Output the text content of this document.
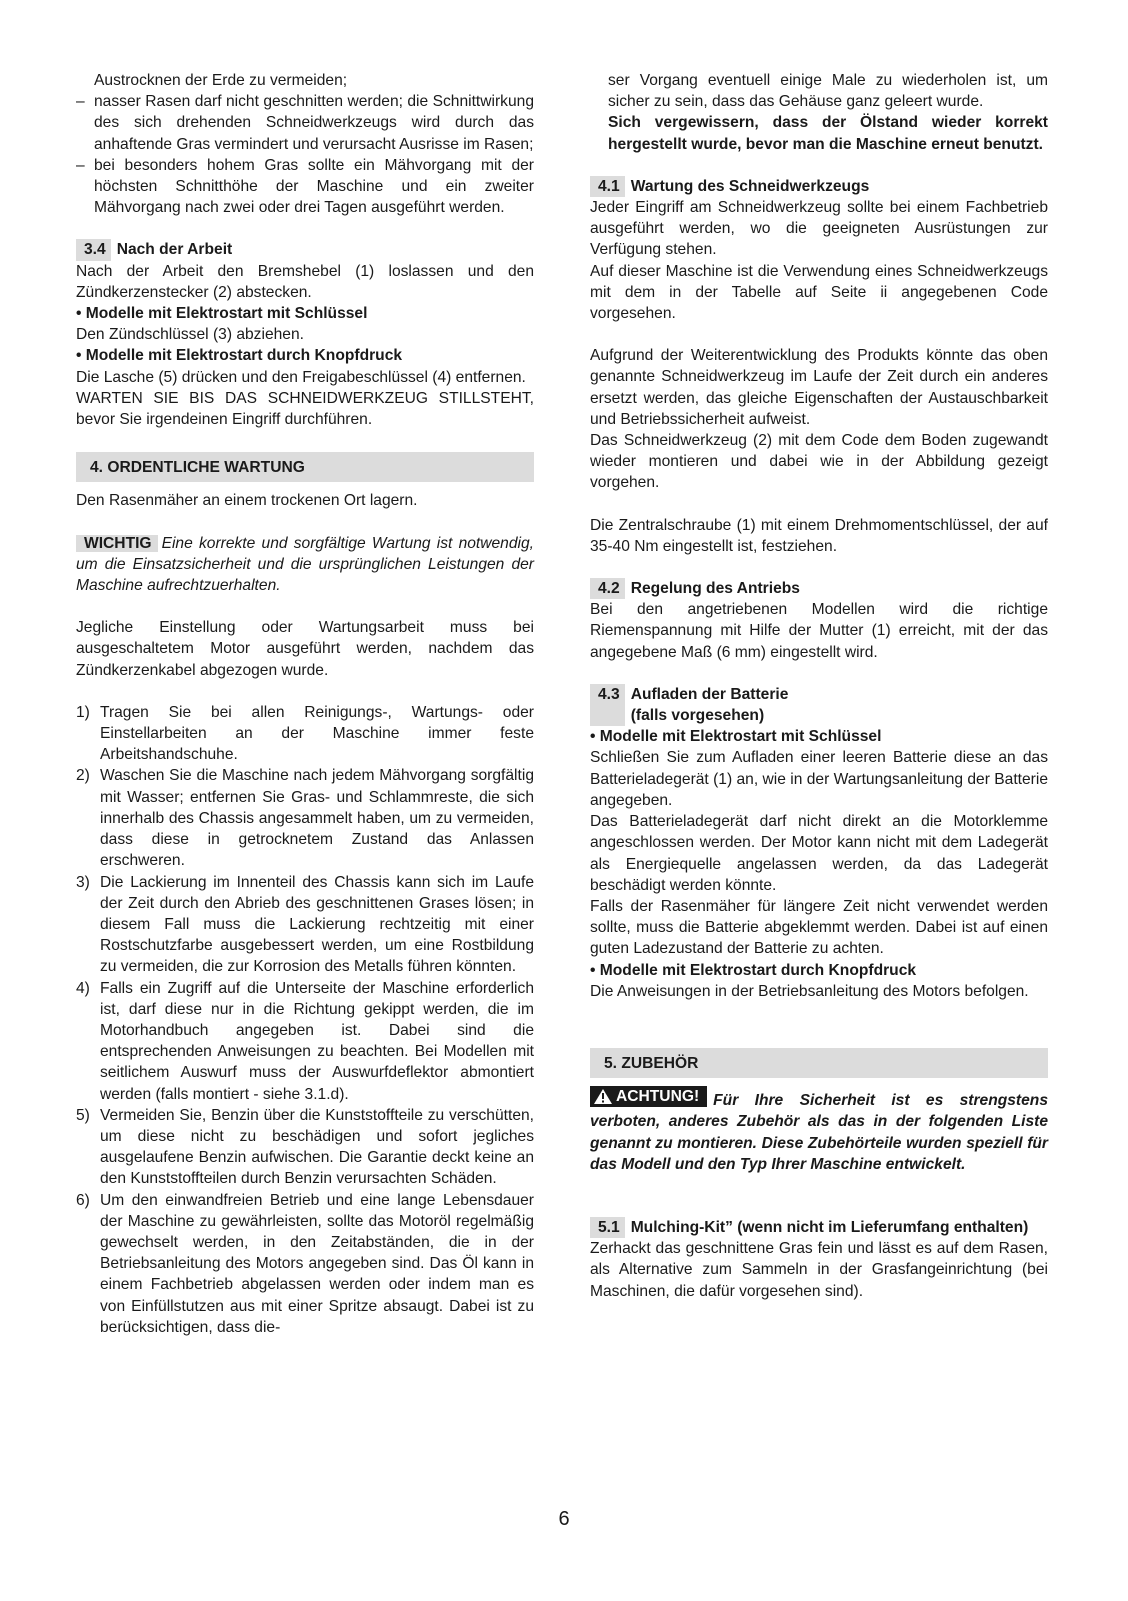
Austrocknen der Erde zu vermeiden;

– nasser Rasen darf nicht geschnitten werden; die Schnittwirkung des sich drehenden Schneidwerkzeugs wird durch das anhaftende Gras vermindert und verursacht Ausrisse im Rasen;
– bei besonders hohem Gras sollte ein Mähvorgang mit der höchsten Schnitthöhe der Maschine und ein zweiter Mähvorgang nach zwei oder drei Tagen ausgeführt werden.
3.4 Nach der Arbeit

Nach der Arbeit den Bremshebel (1) loslassen und den Zündkerzenstecker (2) abstecken.

• Modelle mit Elektrostart mit Schlüssel

Den Zündschlüssel (3) abziehen.

• Modelle mit Elektrostart durch Knopfdruck

Die Lasche (5) drücken und den Freigabeschlüssel (4) entfernen.

WARTEN SIE BIS DAS SCHNEIDWERKZEUG STILLSTEHT, bevor Sie irgendeinen Eingriff durchführen.

4. ORDENTLICHE WARTUNG

Den Rasenmäher an einem trockenen Ort lagern.

WICHTIG Eine korrekte und sorgfältige Wartung ist notwendig, um die Einsatzsicherheit und die ursprünglichen Leistungen der Maschine aufrechtzuerhalten.

Jegliche Einstellung oder Wartungsarbeit muss bei ausgeschaltetem Motor ausgeführt werden, nachdem das Zündkerzenkabel abgezogen wurde.

1) Tragen Sie bei allen Reinigungs-, Wartungs- oder Einstellarbeiten an der Maschine immer feste Arbeitshandschuhe.
2) Waschen Sie die Maschine nach jedem Mähvorgang sorgfältig mit Wasser; entfernen Sie Gras- und Schlammreste, die sich innerhalb des Chassis angesammelt haben, um zu vermeiden, dass diese in getrocknetem Zustand das Anlassen erschweren.
3) Die Lackierung im Innenteil des Chassis kann sich im Laufe der Zeit durch den Abrieb des geschnittenen Grases lösen; in diesem Fall muss die Lackierung rechtzeitig mit einer Rostschutzfarbe ausgebessert werden, um eine Rostbildung zu vermeiden, die zur Korrosion des Metalls führen könnten.
4) Falls ein Zugriff auf die Unterseite der Maschine erforderlich ist, darf diese nur in die Richtung gekippt werden, die im Motorhandbuch angegeben ist. Dabei sind die entsprechenden Anweisungen zu beachten. Bei Modellen mit seitlichem Auswurf muss der Auswurfdeflektor abmontiert werden (falls montiert - siehe 3.1.d).
5) Vermeiden Sie, Benzin über die Kunststoffteile zu verschütten, um diese nicht zu beschädigen und sofort jegliches ausgelaufene Benzin aufwischen. Die Garantie deckt keine an den Kunststoffteilen durch Benzin verursachten Schäden.
6) Um den einwandfreien Betrieb und eine lange Lebensdauer der Maschine zu gewährleisten, sollte das Motoröl regelmäßig gewechselt werden, in den Zeitabständen, die in der Betriebsanleitung des Motors angegeben sind. Das Öl kann in einem Fachbetrieb abgelassen werden oder indem man es von Einfüllstutzen aus mit einer Spritze absaugt. Dabei ist zu berücksichtigen, dass die-

ser Vorgang eventuell einige Male zu wiederholen ist, um sicher zu sein, dass das Gehäuse ganz geleert wurde.

Sich vergewissern, dass der Ölstand wieder korrekt hergestellt wurde, bevor man die Maschine erneut benutzt.

4.1 Wartung des Schneidwerkzeugs

Jeder Eingriff am Schneidwerkzeug sollte bei einem Fachbetrieb ausgeführt werden, wo die geeigneten Ausrüstungen zur Verfügung stehen.

Auf dieser Maschine ist die Verwendung eines Schneidwerkzeugs mit dem in der Tabelle auf Seite ii angegebenen Code vorgesehen.

Aufgrund der Weiterentwicklung des Produkts könnte das oben genannte Schneidwerkzeug im Laufe der Zeit durch ein anderes ersetzt werden, das gleiche Eigenschaften der Austauschbarkeit und Betriebssicherheit aufweist.

Das Schneidwerkzeug (2) mit dem Code dem Boden zugewandt wieder montieren und dabei wie in der Abbildung gezeigt vorgehen.

Die Zentralschraube (1) mit einem Drehmomentschlüssel, der auf 35-40 Nm eingestellt ist, festziehen.

4.2 Regelung des Antriebs

Bei den angetriebenen Modellen wird die richtige Riemenspannung mit Hilfe der Mutter (1) erreicht, mit der das angegebene Maß (6 mm) eingestellt wird.

4.3 Aufladen der Batterie
(falls vorgesehen)

• Modelle mit Elektrostart mit Schlüssel

Schließen Sie zum Aufladen einer leeren Batterie diese an das Batterieladegerät (1) an, wie in der Wartungsanleitung der Batterie angegeben.

Das Batterieladegerät darf nicht direkt an die Motorklemme angeschlossen werden. Der Motor kann nicht mit dem Ladegerät als Energiequelle angelassen werden, da das Ladegerät beschädigt werden könnte.

Falls der Rasenmäher für längere Zeit nicht verwendet werden sollte, muss die Batterie abgeklemmt werden. Dabei ist auf einen guten Ladezustand der Batterie zu achten.

• Modelle mit Elektrostart durch Knopfdruck

Die Anweisungen in der Betriebsanleitung des Motors befolgen.

5. ZUBEHÖR

ACHTUNG! Für Ihre Sicherheit ist es strengstens verboten, anderes Zubehör als das in der folgenden Liste genannt zu montieren. Diese Zubehörteile wurden speziell für das Modell und den Typ Ihrer Maschine entwickelt.

5.1 Mulching-Kit” (wenn nicht im Lieferumfang enthalten)

Zerhackt das geschnittene Gras fein und lässt es auf dem Rasen, als Alternative zum Sammeln in der Grasfangeinrichtung (bei Maschinen, die dafür vorgesehen sind).

6
